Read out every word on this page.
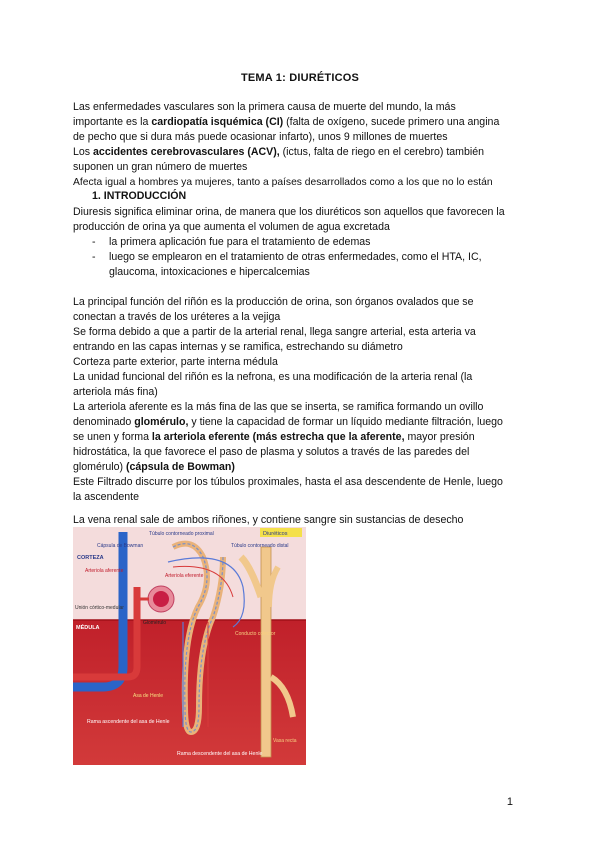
TEMA 1: DIURÉTICOS

Las enfermedades vasculares son la primera causa de muerte del mundo, la más

importante es la cardiopatía isquémica (CI) (falta de oxígeno, sucede primero una angina

de pecho que si dura más puede ocasionar infarto), unos 9 millones de muertes

Los accidentes cerebrovasculares (ACV), (ictus, falta de riego en el cerebro) también

suponen un gran número de muertes

Afecta igual a hombres ya mujeres, tanto a países desarrollados como a los que no lo están

1. INTRODUCCIÓN

Diuresis significa eliminar orina, de manera que los diuréticos son aquellos que favorecen la

producción de orina ya que aumenta el volumen de agua excretada

- la primera aplicación fue para el tratamiento de edemas
- luego se emplearon en el tratamiento de otras enfermedades, como el HTA, IC,
glaucoma, intoxicaciones e hipercalcemias

La principal función del riñón es la producción de orina, son órganos ovalados que se

conectan a través de los uréteres a la vejiga

Se forma debido a que a partir de la arterial renal, llega sangre arterial, esta arteria va

entrando en las capas internas y se ramifica, estrechando su diámetro

Corteza parte exterior, parte interna médula

La unidad funcional del riñón es la nefrona, es una modificación de la arteria renal (la

arteriola más fina)

La arteriola aferente es la más fina de las que se inserta, se ramifica formando un ovillo

denominado glomérulo, y tiene la capacidad de formar un líquido mediante filtración, luego

se unen y forma la arteriola eferente (más estrecha que la aferente, mayor presión

hidrostática, la que favorece el paso de plasma y solutos a través de las paredes del

glomérulo) (cápsula de Bowman)

Este Filtrado discurre por los túbulos proximales, hasta el asa descendente de Henle, luego

la ascendente

La vena renal sale de ambos riñones, y contiene sangre sin sustancias de desecho

Túbulo contorneado proximal
Cápsula de Bowman
CORTEZA
Arteriola aferente
Arteriola eferente
Túbulo contorneado distal
Diuréticos
Unión córtico-medular
MÉDULA
Glomérulo
Conducto colector
Asa de Henle
Rama ascendente del asa de Henle
Rama descendente del asa de Henle
Vasa recta
1
